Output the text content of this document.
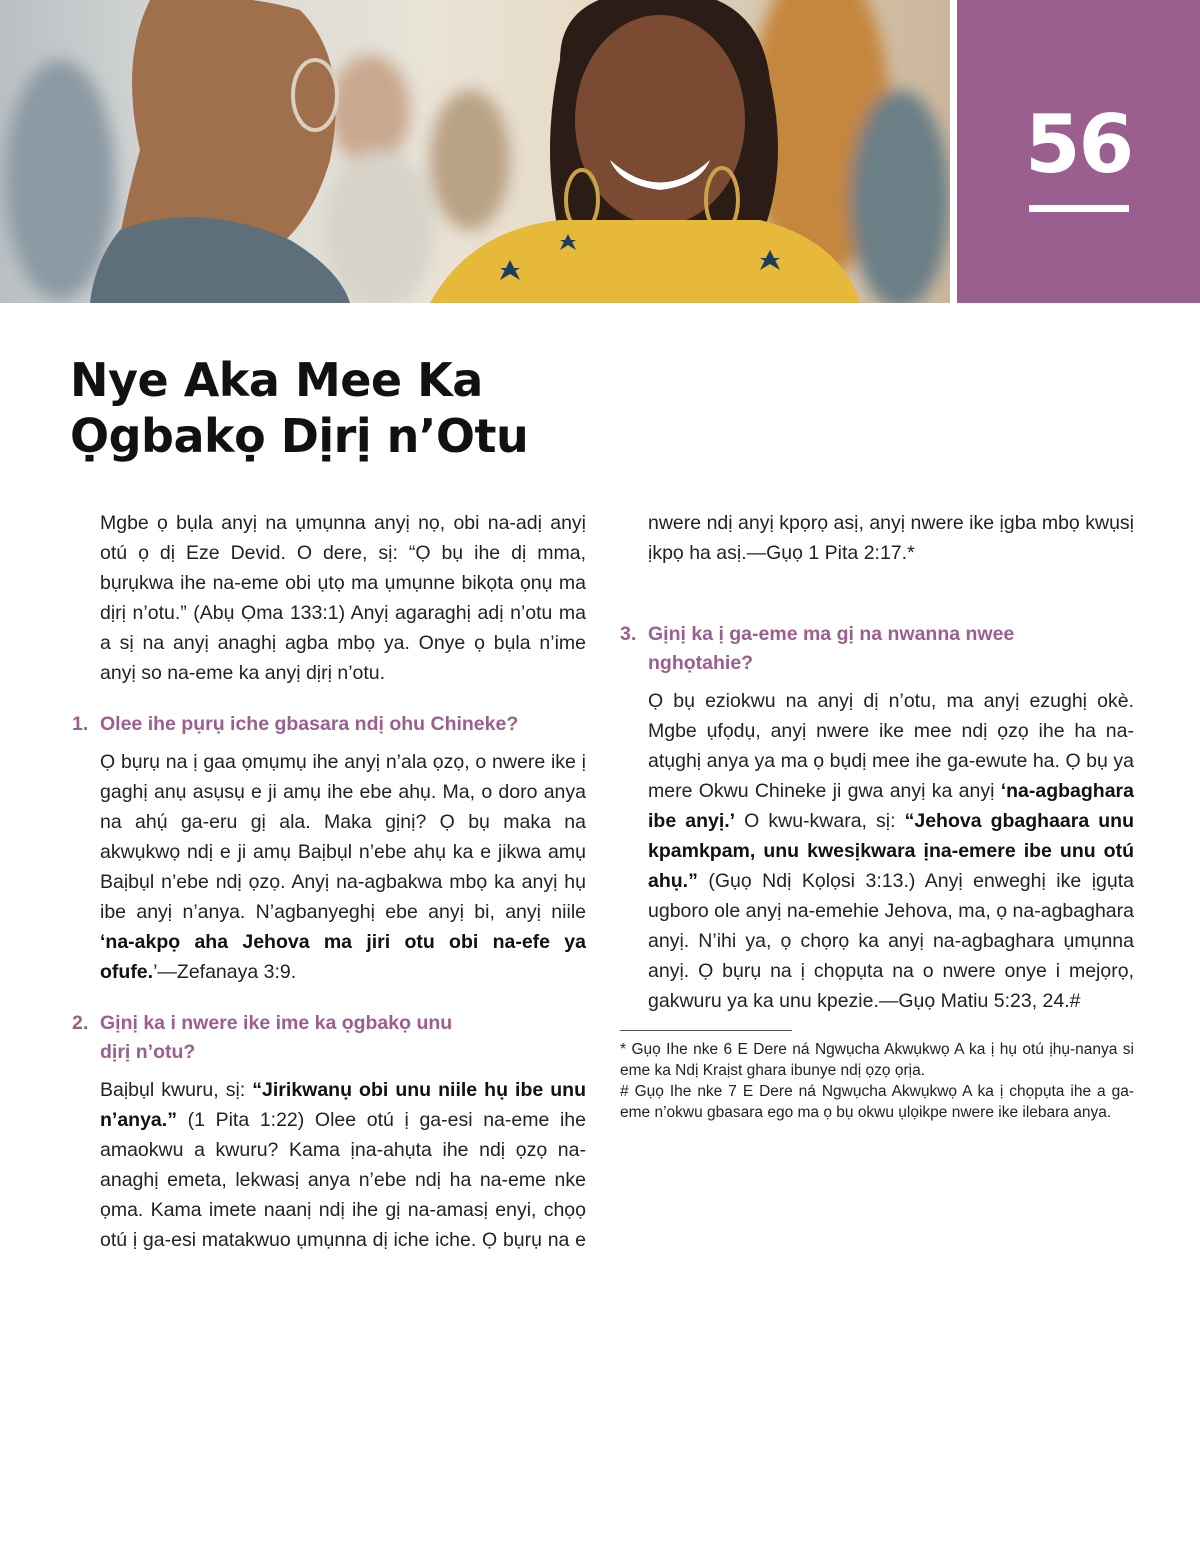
56
Nye Aka Mee Ka
Ọgbakọ Dịrị n’Otu

Mgbe ọ bụla anyị na ụmụnna anyị nọ, obi na-adị anyị otú ọ dị Eze Devid. O dere, sị: “Ọ bụ ihe dị mma, bụrụkwa ihe na-eme obi ụtọ ma ụmụnne bikọta ọnụ ma dịrị n’otu.” (Abụ Ọma 133:1) Anyị agaraghị adị n’otu ma a sị na anyị anaghị agba mbọ ya. Onye ọ bụla n’ime anyị so na-eme ka anyị dịrị n’otu.

1. Olee ihe pụrụ iche gbasara ndị ohu Chineke?

Ọ bụrụ na ị gaa ọmụmụ ihe anyị n’ala ọzọ, o nwere ike ị gaghị anụ asụsụ e ji amụ ihe ebe ahụ. Ma, o doro anya na ahụ́ ga-eru gị ala. Maka gịnị? Ọ bụ maka na akwụkwọ ndị e ji amụ Baịbụl n’ebe ahụ ka e jikwa amụ Baịbụl n’ebe ndị ọzọ. Anyị na-agbakwa mbọ ka anyị hụ ibe anyị n’anya. N’agbanyeghị ebe anyị bi, anyị niile ‘na-akpọ aha Jehova ma jiri otu obi na-efe ya ofufe.’—Zefanaya 3:9.

2. Gịnị ka i nwere ike ime ka ọgbakọ unu dịrị n’otu?

Baịbụl kwuru, sị: “Jirikwanụ obi unu niile hụ ibe unu n’anya.” (1 Pita 1:22) Olee otú ị ga-esi na-eme ihe amaokwu a kwuru? Kama ịna-ahụta ihe ndị ọzọ na-anaghị emeta, lekwasị anya n’ebe ndị ha na-eme nke ọma. Kama imete naanị ndị ihe gị na-amasị enyi, chọọ otú ị ga-esi matakwuo ụmụnna dị iche iche. Ọ bụrụ na e

nwere ndị anyị kpọrọ asị, anyị nwere ike ịgba mbọ kwụsị ịkpọ ha asị.—Gụọ 1 Pita 2:17.*

3. Gịnị ka ị ga-eme ma gị na nwanna nwee nghọtahie?

Ọ bụ eziokwu na anyị dị n’otu, ma anyị ezughị okè. Mgbe ụfọdụ, anyị nwere ike mee ndị ọzọ ihe ha na-atụghị anya ya ma ọ bụdị mee ihe ga-ewute ha. Ọ bụ ya mere Okwu Chineke ji gwa anyị ka anyị ‘na-agbaghara ibe anyị.’ O kwu-kwara, sị: “Jehova gbaghaara unu kpamkpam, unu kwesịkwara ịna-emere ibe unu otú ahụ.” (Gụọ Ndị Kọlọsi 3:13.) Anyị enweghị ike ịgụta ugboro ole anyị na-emehie Jehova, ma, ọ na-agbaghara anyị. N’ihi ya, ọ chọrọ ka anyị na-agbaghara ụmụnna anyị. Ọ bụrụ na ị chọpụta na o nwere onye i mejọrọ, gakwuru ya ka unu kpezie.—Gụọ Matiu 5:23, 24.#

* Gụọ Ihe nke 6 E Dere ná Ngwụcha Akwụkwọ A ka ị hụ otú ịhụ-nanya si eme ka Ndị Kraịst ghara ibunye ndị ọzọ ọrịa.

# Gụọ Ihe nke 7 E Dere ná Ngwụcha Akwụkwọ A ka ị chọpụta ihe a ga-eme n’okwu gbasara ego ma ọ bụ okwu ụlọikpe nwere ike ilebara anya.
